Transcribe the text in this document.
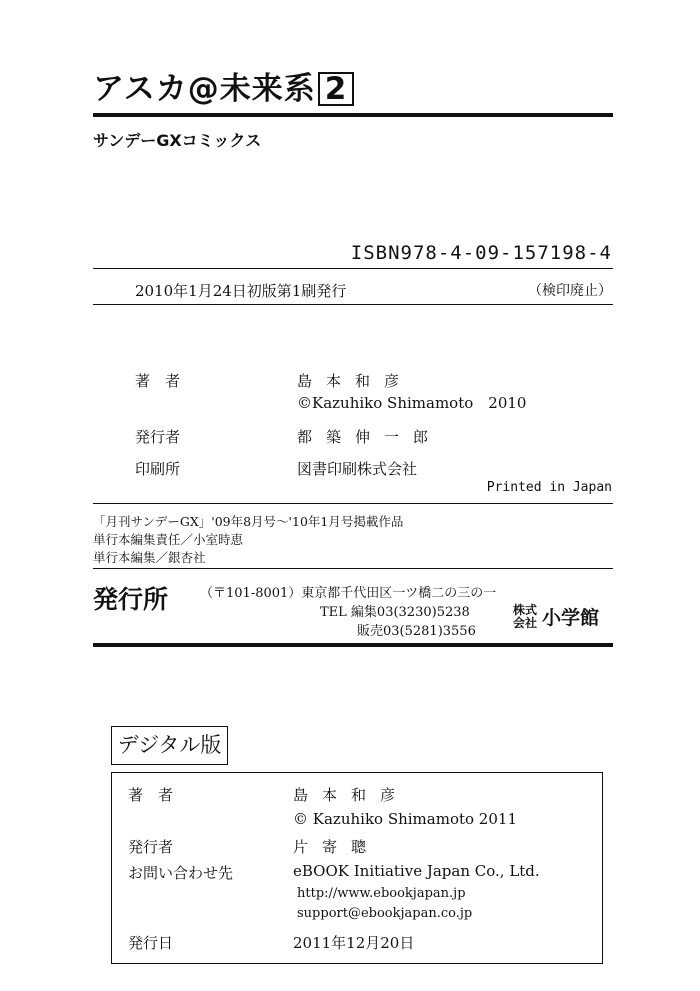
アスカ@未来系 2
サンデーGXコミックス
ISBN978-4-09-157198-4
2010年1月24日初版第1刷発行	（検印廃止）
著　者	島本和彦
©Kazuhiko Shimamoto　2010
発行者	都築伸一郎
印刷所	図書印刷株式会社
Printed in Japan
「月刊サンデーGX」'09年8月号～'10年1月号掲載作品
単行本編集責任／小室時恵
単行本編集／銀杏社
発行所 （〒101-8001）東京都千代田区一ツ橋二の三の一
TEL 編集03(3230)5238
販売03(5281)3556
株式
会社 小学館
デジタル版
著　者	島本和彦
© Kazuhiko Shimamoto 2011
発行者	片寄聰
お問い合わせ先	eBOOK Initiative Japan Co., Ltd.
http://www.ebookjapan.jp
support@ebookjapan.co.jp
発行日	2011年12月20日
